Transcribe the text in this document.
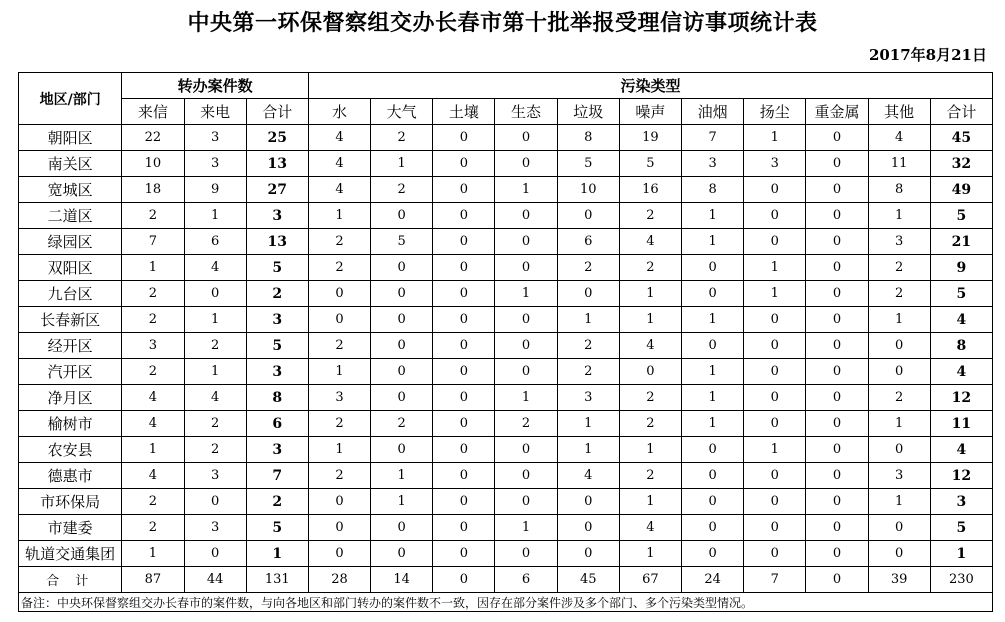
中央第一环保督察组交办长春市第十批举报受理信访事项统计表
2017年8月21日
地区/部门	转办案件数			污染类型										
	来信	来电	合计	水	大气	土壤	生态	垃圾	噪声	油烟	扬尘	重金属	其他	合计
朝阳区	22	3	25	4	2	0	0	8	19	7	1	0	4	45
南关区	10	3	13	4	1	0	0	5	5	3	3	0	11	32
宽城区	18	9	27	4	2	0	1	10	16	8	0	0	8	49
二道区	2	1	3	1	0	0	0	0	2	1	0	0	1	5
绿园区	7	6	13	2	5	0	0	6	4	1	0	0	3	21
双阳区	1	4	5	2	0	0	0	2	2	0	1	0	2	9
九台区	2	0	2	0	0	0	1	0	1	0	1	0	2	5
长春新区	2	1	3	0	0	0	0	1	1	1	0	0	1	4
经开区	3	2	5	2	0	0	0	2	4	0	0	0	0	8
汽开区	2	1	3	1	0	0	0	2	0	1	0	0	0	4
净月区	4	4	8	3	0	0	1	3	2	1	0	0	2	12
榆树市	4	2	6	2	2	0	2	1	2	1	0	0	1	11
农安县	1	2	3	1	0	0	0	1	1	0	1	0	0	4
德惠市	4	3	7	2	1	0	0	4	2	0	0	0	3	12
市环保局	2	0	2	0	1	0	0	0	1	0	0	0	1	3
市建委	2	3	5	0	0	0	1	0	4	0	0	0	0	5
轨道交通集团	1	0	1	0	0	0	0	0	1	0	0	0	0	1
合 计	87	44	131	28	14	0	6	45	67	24	7	0	39	230
备注：中央环保督察组交办长春市的案件数，与向各地区和部门转办的案件数不一致，因存在部分案件涉及多个部门、多个污染类型情况。														
